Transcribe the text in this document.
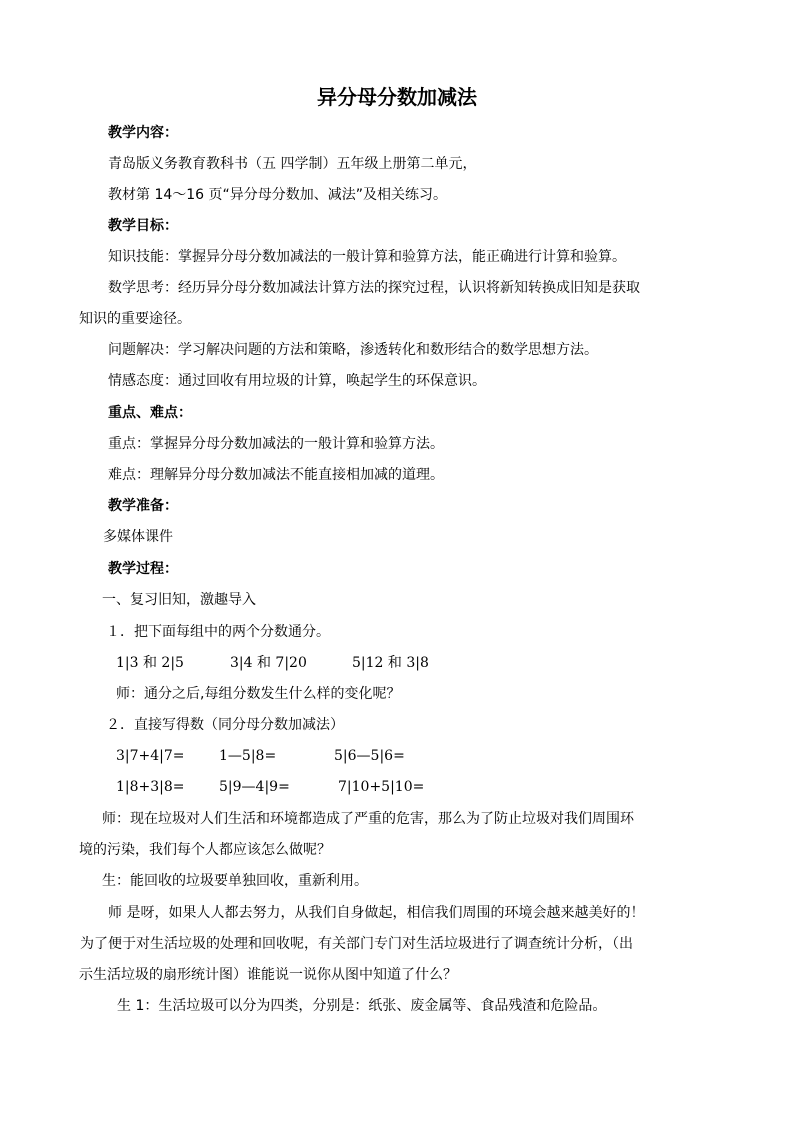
异分母分数加减法

教学内容：

青岛版义务教育教科书（五 四学制）五年级上册第二单元，

教材第 14～16 页“异分母分数加、减法”及相关练习。

教学目标：

知识技能：掌握异分母分数加减法的一般计算和验算方法，能正确进行计算和验算。

数学思考：经历异分母分数加减法计算方法的探究过程，认识将新知转换成旧知是获取

知识的重要途径。

问题解决：学习解决问题的方法和策略，渗透转化和数形结合的数学思想方法。

情感态度：通过回收有用垃圾的计算，唤起学生的环保意识。

重点、难点：

重点：掌握异分母分数加减法的一般计算和验算方法。

难点：理解异分母分数加减法不能直接相加减的道理。

教学准备：

多媒体课件

教学过程：

一、复习旧知，激趣导入

１．把下面每组中的两个分数通分。

1|3 和 2|5	3|4 和 7|20	5|12 和 3|8

师：通分之后,每组分数发生什么样的变化呢？

２．直接写得数（同分母分数加减法）

3|7+4|7= 1—5|8=	5|6—5|6=
1|8+3|8= 5|9—4|9=	7|10+5|10=

师：现在垃圾对人们生活和环境都造成了严重的危害，那么为了防止垃圾对我们周围环

境的污染，我们每个人都应该怎么做呢？

生：能回收的垃圾要单独回收，重新利用。

师 是呀，如果人人都去努力，从我们自身做起，相信我们周围的环境会越来越美好的！

为了便于对生活垃圾的处理和回收呢，有关部门专门对生活垃圾进行了调查统计分析，（出

示生活垃圾的扇形统计图）谁能说一说你从图中知道了什么？

生 1：生活垃圾可以分为四类，分别是：纸张、废金属等、食品残渣和危险品。
